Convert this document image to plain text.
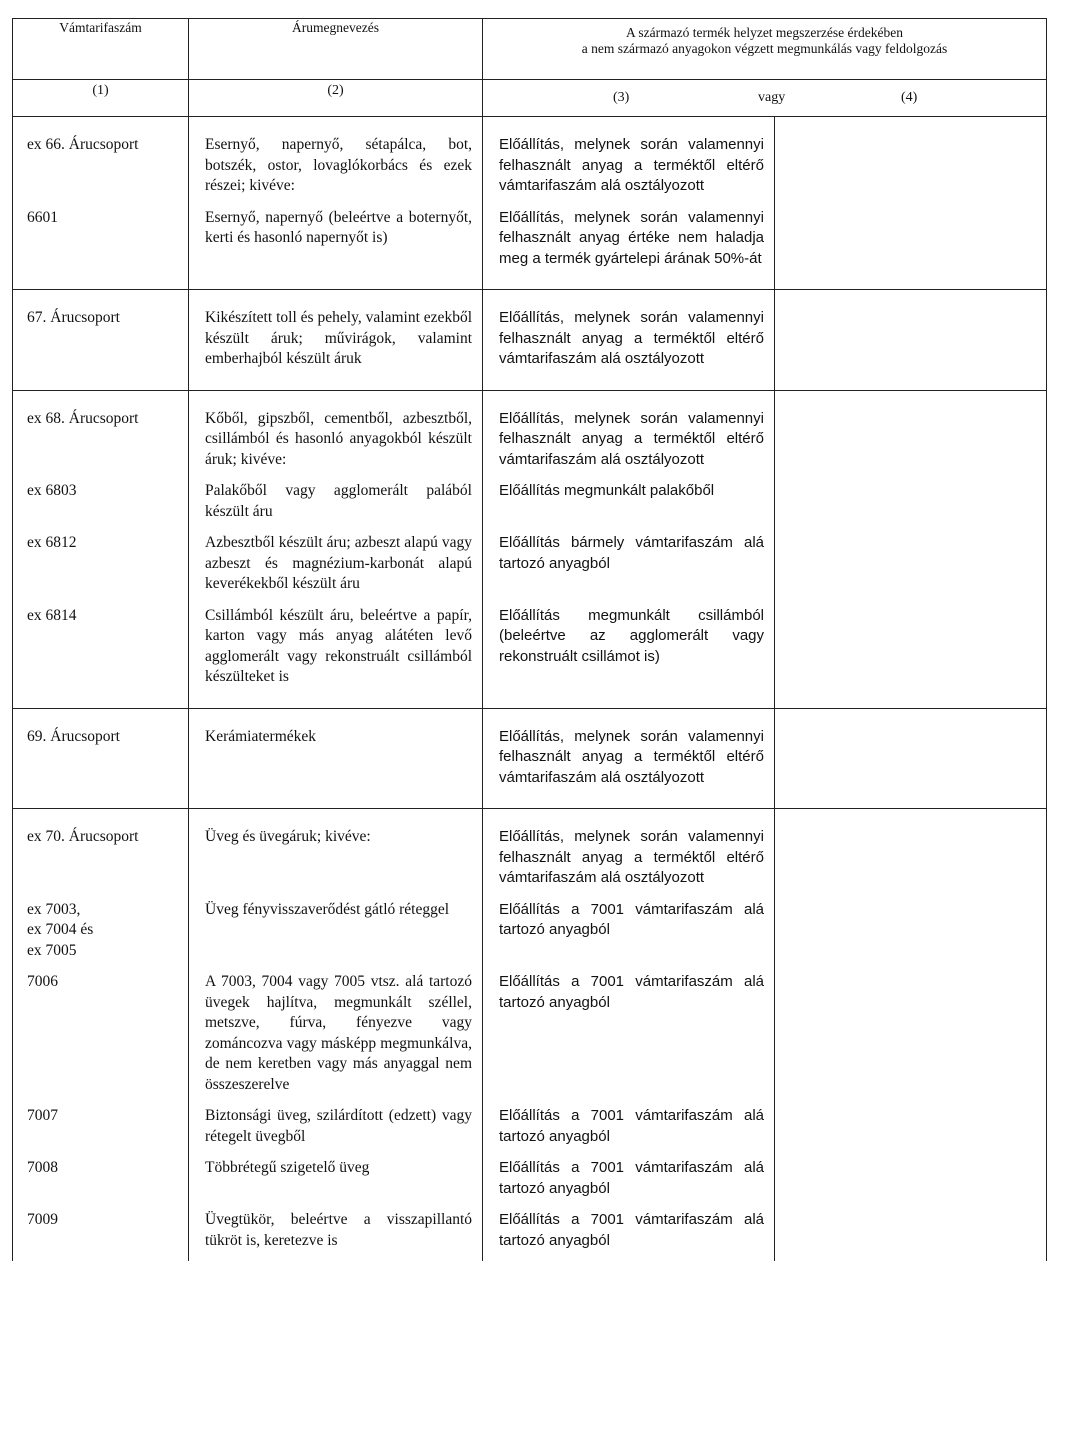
Vámtarifaszám	Árumegnevezés	A származó termék helyzet megszerzése érdekében
a nem származó anyagokon végzett megmunkálás vagy feldolgozás	

(1)	(2)	(3) vagy (4)	

ex 66. Árucsoport	Esernyő, napernyő, sétapálca, bot, botszék, ostor, lovaglókorbács és ezek részei; kivéve:	Előállítás, melynek során valamennyi felhasznált anyag a terméktől eltérő vámtarifaszám alá osztályozott	
6601	Esernyő, napernyő (beleértve a boternyőt, kerti és hasonló napernyőt is)	Előállítás, melynek során valamennyi felhasznált anyag értéke nem haladja meg a termék gyártelepi árának 50%-át	
67. Árucsoport	Kikészített toll és pehely, valamint ezekből készült áruk; művirágok, valamint emberhajból készült áruk	Előállítás, melynek során valamennyi felhasznált anyag a terméktől eltérő vámtarifaszám alá osztályozott	
ex 68. Árucsoport	Kőből, gipszből, cementből, azbesztből, csillámból és hasonló anyagokból készült áruk; kivéve:	Előállítás, melynek során valamennyi felhasznált anyag a terméktől eltérő vámtarifaszám alá osztályozott	
ex 6803	Palakőből vagy agglomerált palából készült áru	Előállítás megmunkált palakőből	
ex 6812	Azbesztből készült áru; azbeszt alapú vagy azbeszt és magnézium-karbonát alapú keverékekből készült áru	Előállítás bármely vámtarifaszám alá tartozó anyagból	
ex 6814	Csillámból készült áru, beleértve a papír, karton vagy más anyag alátéten levő agglomerált vagy rekonstruált csillámból készülteket is	Előállítás megmunkált csillámból (beleértve az agglomerált vagy rekonstruált csillámot is)	
69. Árucsoport	Kerámiatermékek	Előállítás, melynek során valamennyi felhasznált anyag a terméktől eltérő vámtarifaszám alá osztályozott	
ex 70. Árucsoport	Üveg és üvegáruk; kivéve:	Előállítás, melynek során valamennyi felhasznált anyag a terméktől eltérő vámtarifaszám alá osztályozott	
ex 7003,
ex 7004 és
ex 7005	Üveg fényvisszaverődést gátló réteggel	Előállítás a 7001 vámtarifaszám alá tartozó anyagból	
7006	A 7003, 7004 vagy 7005 vtsz. alá tartozó üvegek hajlítva, megmunkált széllel, metszve, fúrva, fényezve vagy zománcozva vagy másképp megmunkálva, de nem keretben vagy más anyaggal nem összeszerelve	Előállítás a 7001 vámtarifaszám alá tartozó anyagból	
7007	Biztonsági üveg, szilárdított (edzett) vagy rétegelt üvegből	Előállítás a 7001 vámtarifaszám alá tartozó anyagból	
7008	Többrétegű szigetelő üveg	Előállítás a 7001 vámtarifaszám alá tartozó anyagból	
7009	Üvegtükör, beleértve a visszapillantó tükröt is, keretezve is	Előállítás a 7001 vámtarifaszám alá tartozó anyagból	
